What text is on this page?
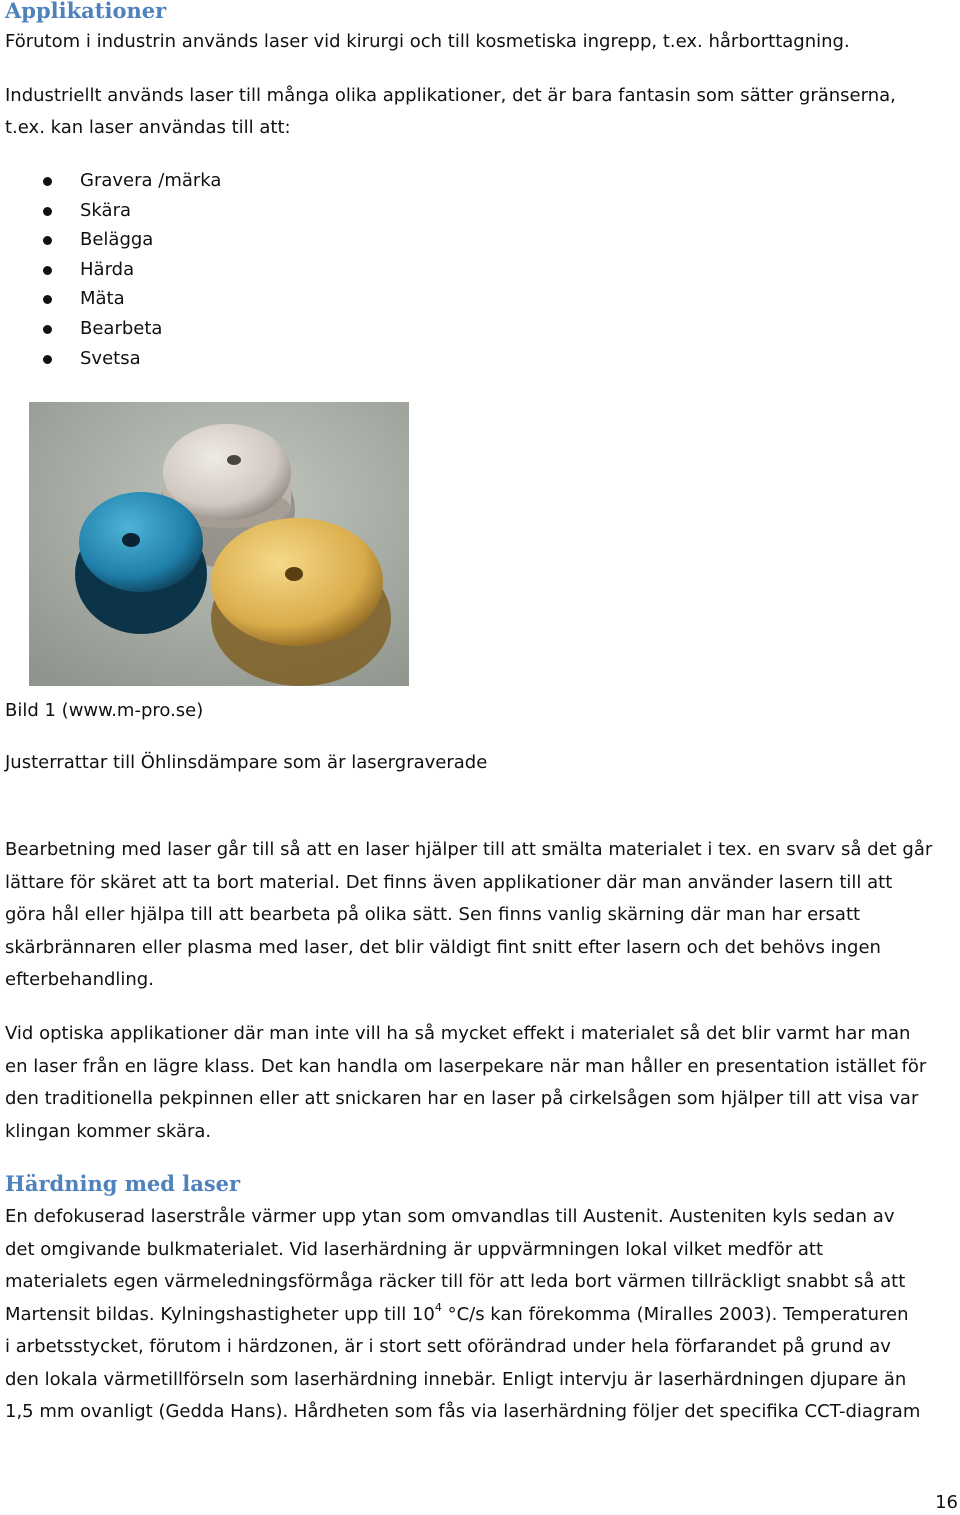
Applikationer
Förutom i industrin används laser vid kirurgi och till kosmetiska ingrepp, t.ex. hårborttagning.
Industriellt används laser till många olika applikationer, det är bara fantasin som sätter gränserna,
t.ex. kan laser användas till att:
Gravera /märka
Skära
Belägga
Härda
Mäta
Bearbeta
Svetsa
Bild 1 (www.m-pro.se)
Justerrattar till Öhlinsdämpare som är lasergraverade
Bearbetning med laser går till så att en laser hjälper till att smälta materialet i tex. en svarv så det går
lättare för skäret att ta bort material. Det finns även applikationer där man använder lasern till att
göra hål eller hjälpa till att bearbeta på olika sätt. Sen finns vanlig skärning där man har ersatt
skärbrännaren eller plasma med laser, det blir väldigt fint snitt efter lasern och det behövs ingen
efterbehandling.
Vid optiska applikationer där man inte vill ha så mycket effekt i materialet så det blir varmt har man
en laser från en lägre klass. Det kan handla om laserpekare när man håller en presentation istället för
den traditionella pekpinnen eller att snickaren har en laser på cirkelsågen som hjälper till att visa var
klingan kommer skära.
Härdning med laser
En defokuserad laserstråle värmer upp ytan som omvandlas till Austenit. Austeniten kyls sedan av
det omgivande bulkmaterialet. Vid laserhärdning är uppvärmningen lokal vilket medför att
materialets egen värmeledningsförmåga räcker till för att leda bort värmen tillräckligt snabbt så att
Martensit bildas. Kylningshastigheter upp till $10^4$ °C/s kan förekomma (Miralles 2003). Temperaturen
i arbetsstycket, förutom i härdzonen, är i stort sett oförändrad under hela förfarandet på grund av
den lokala värmetillförseln som laserhärdning innebär. Enligt intervju är laserhärdningen djupare än
1,5 mm ovanligt (Gedda Hans). Hårdheten som fås via laserhärdning följer det specifika CCT-diagram
16
